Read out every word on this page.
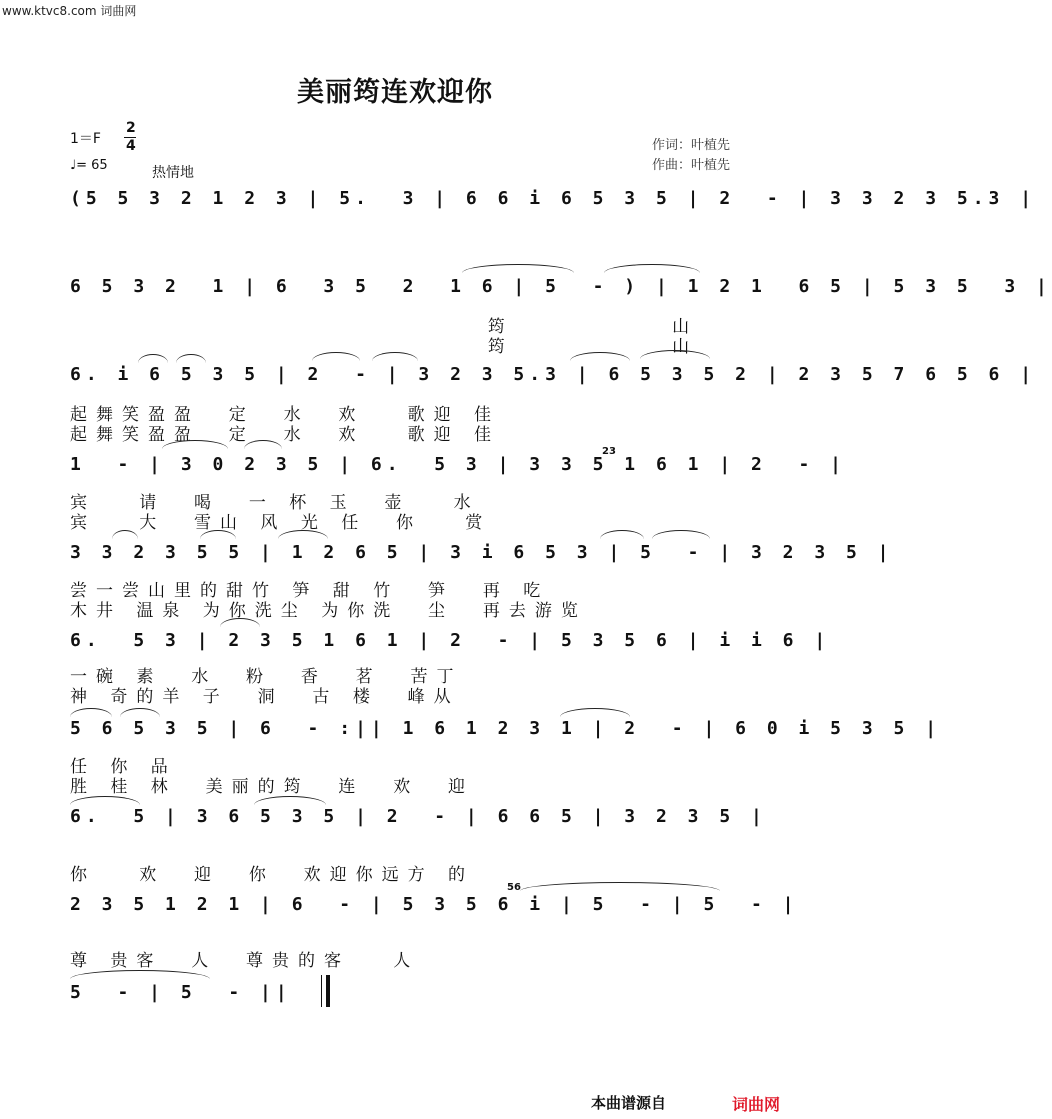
www.ktvc8.com 词曲网
美丽筠连欢迎你
1＝F
2
4
♩= 65	热情地
作词：叶植先
作曲：叶植先
(5 5 3 2 1 2 3 | 5.  3 | 6 6 i 6 5 3 5 | 2  - | 3 3 2 3 5.3 |
6 5 3 2  1 | 6  3 5  2  1 6 | 5  - ) | 1 2 1  6 5 | 5 3 5  3 |
筠           山
筠           山
6. i 6 5 3 5 | 2  - | 3 2 3 5.3 | 6 5 3 5 2 | 2 3 5 7 6 5 6 |
起舞笑盈盈  定  水  欢   歌迎 佳
起舞笑盈盈  定  水  欢   歌迎 佳
1  - | 3 0 2 3 5 | 6.  5 3 | 3 3 5 1 6 1 | 2  - |
23
宾   请  喝  一 杯 玉  壶   水
宾   大  雪山 风 光 任  你   赏
3 3 2 3 5 5 | 1 2 6 5 | 3 i 6 5 3 | 5  - | 3 2 3 5 |
尝一尝山里的甜竹 笋 甜 竹  笋  再 吃
木井 温泉 为你洗尘 为你洗  尘  再去游览
6.  5 3 | 2 3 5 1 6 1 | 2  - | 5 3 5 6 | i i 6 |
一碗 素  水  粉  香  茗  苦丁
神 奇的羊 子  洞  古 楼  峰从
5 6 5 3 5 | 6  - :|| 1 6 1 2 3 1 | 2  - | 6 0 i 5 3 5 |
任 你 品
胜 桂 林  美丽的筠  连  欢  迎
6.  5 | 3 6 5 3 5 | 2  - | 6 6 5 | 3 2 3 5 |
你   欢  迎  你  欢迎你远方 的
2 3 5 1 2 1 | 6  - | 5 3 5 6 i | 5  - | 5  - |
56
尊 贵客  人  尊贵的客   人
5  - | 5  - ||
本曲谱源自	词曲网
